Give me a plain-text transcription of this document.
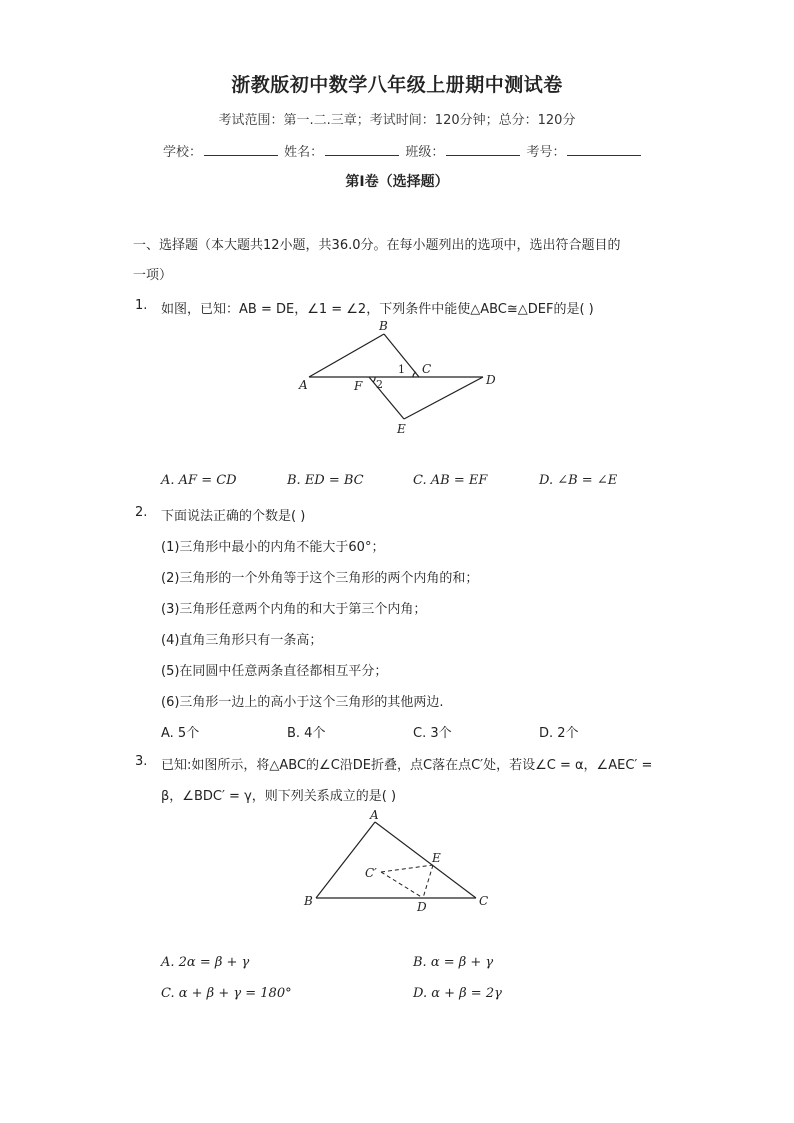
浙教版初中数学八年级上册期中测试卷
考试范围：第一.二.三章；考试时间：120分钟；总分：120分
学校：	姓名：	班级：	考号：
第I卷（选择题）
一、选择题（本大题共12小题，共36.0分。在每小题列出的选项中，选出符合题目的
一项）
1. 如图，已知：AB = DE，∠1 = ∠2，下列条件中能使△ABC≅△DEF的是( )
B
A
C
D
F
E
1
2
A. AF = CD	B. ED = BC	C. AB = EF	D. ∠B = ∠E
2. 下面说法正确的个数是( )
(1)三角形中最小的内角不能大于60°；
(2)三角形的一个外角等于这个三角形的两个内角的和；
(3)三角形任意两个内角的和大于第三个内角；
(4)直角三角形只有一条高；
(5)在同圆中任意两条直径都相互平分；
(6)三角形一边上的高小于这个三角形的其他两边.
A. 5个	B. 4个	C. 3个	D. 2个
3. 已知:如图所示，将△ABC的∠C沿DE折叠，点C落在点C′处，若设∠C = α，∠AEC′ =
β，∠BDC′ = γ，则下列关系成立的是( )
A
B	C
D
E
C′
A. 2α = β + γ	B. α = β + γ
C. α + β + γ = 180°	D. α + β = 2γ
